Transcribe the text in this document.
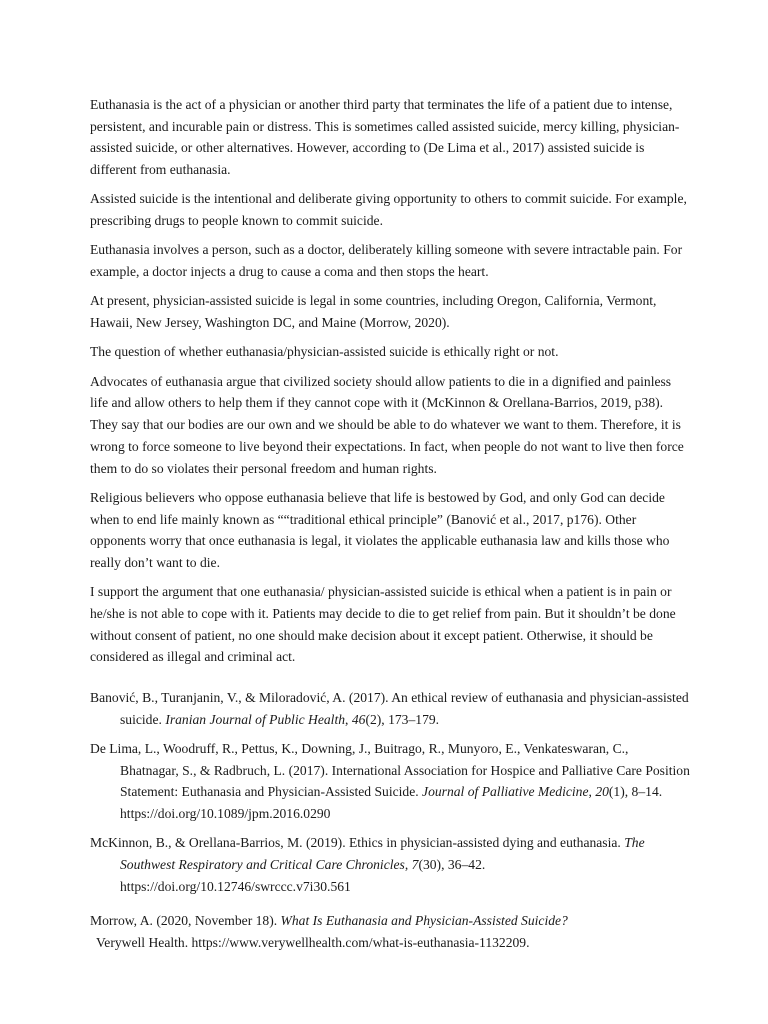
Euthanasia is the act of a physician or another third party that terminates the life of a patient due to intense, persistent, and incurable pain or distress. This is sometimes called assisted suicide, mercy killing, physician-assisted suicide, or other alternatives. However, according to (De Lima et al., 2017) assisted suicide is different from euthanasia.

Assisted suicide is the intentional and deliberate giving opportunity to others to commit suicide. For example, prescribing drugs to people known to commit suicide.

Euthanasia involves a person, such as a doctor, deliberately killing someone with severe intractable pain. For example, a doctor injects a drug to cause a coma and then stops the heart.

At present, physician-assisted suicide is legal in some countries, including Oregon, California, Vermont, Hawaii, New Jersey, Washington DC, and Maine (Morrow, 2020).

The question of whether euthanasia/physician-assisted suicide is ethically right or not.

Advocates of euthanasia argue that civilized society should allow patients to die in a dignified and painless life and allow others to help them if they cannot cope with it (McKinnon & Orellana-Barrios, 2019, p38). They say that our bodies are our own and we should be able to do whatever we want to them. Therefore, it is wrong to force someone to live beyond their expectations. In fact, when people do not want to live then force them to do so violates their personal freedom and human rights.

Religious believers who oppose euthanasia believe that life is bestowed by God, and only God can decide when to end life mainly known as ““traditional ethical principle” (Banović et al., 2017, p176). Other opponents worry that once euthanasia is legal, it violates the applicable euthanasia law and kills those who really don’t want to die.

I support the argument that one euthanasia/ physician-assisted suicide is ethical when a patient is in pain or he/she is not able to cope with it. Patients may decide to die to get relief from pain. But it shouldn’t be done without consent of patient, no one should make decision about it except patient. Otherwise, it should be considered as illegal and criminal act.

Banović, B., Turanjanin, V., & Miloradović, A. (2017). An ethical review of euthanasia and physician-assisted suicide. Iranian Journal of Public Health, 46(2), 173–179.

De Lima, L., Woodruff, R., Pettus, K., Downing, J., Buitrago, R., Munyoro, E., Venkateswaran, C., Bhatnagar, S., & Radbruch, L. (2017). International Association for Hospice and Palliative Care Position Statement: Euthanasia and Physician-Assisted Suicide. Journal of Palliative Medicine, 20(1), 8–14. https://doi.org/10.1089/jpm.2016.0290

McKinnon, B., & Orellana-Barrios, M. (2019). Ethics in physician-assisted dying and euthanasia. The Southwest Respiratory and Critical Care Chronicles, 7(30), 36–42. https://doi.org/10.12746/swrccc.v7i30.561

Morrow, A. (2020, November 18). What Is Euthanasia and Physician-Assisted Suicide?
Verywell Health. https://www.verywellhealth.com/what-is-euthanasia-1132209.
